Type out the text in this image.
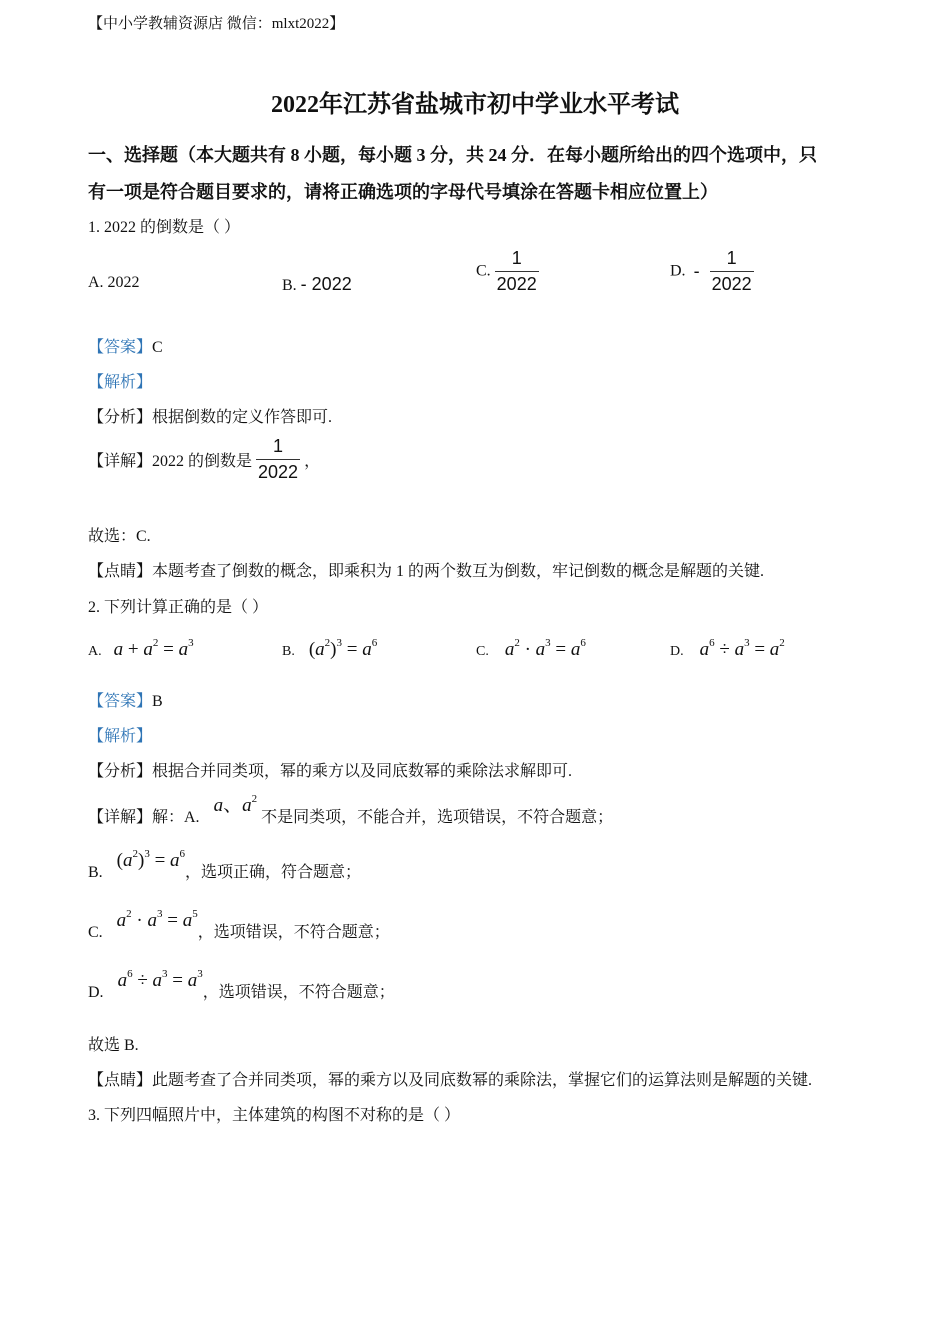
【中小学教辅资源店 微信：mlxt2022】
2022年江苏省盐城市初中学业水平考试
一、选择题（本大题共有 8 小题，每小题 3 分，共 24 分．在每小题所给出的四个选项中，只
有一项是符合题目要求的，请将正确选项的字母代号填涂在答题卡相应位置上）
1. 2022 的倒数是（ ）
A. 2022	B. - 2022
C. $\frac{1}{2022}$	D. - $\frac{1}{2022}$
【答案】C
【解析】
【分析】根据倒数的定义作答即可.
【详解】2022 的倒数是 $\frac{1}{2022}$ ，
故选：C.
【点睛】本题考查了倒数的概念，即乘积为 1 的两个数互为倒数，牢记倒数的概念是解题的关键.
2. 下列计算正确的是（ ）
A. $a + a^2 = a^3$
B. $(a^2)^3 = a^6$
C. $a^2 \cdot a^3 = a^6$
D. $a^6 \div a^3 = a^2$
【答案】B
【解析】
【分析】根据合并同类项，幂的乘方以及同底数幂的乘除法求解即可.
【详解】解：A. a、$a^2$ 不是同类项，不能合并，选项错误，不符合题意；
B. $(a^2)^3 = a^6$，选项正确，符合题意；
C. $a^2 \cdot a^3 = a^5$，选项错误，不符合题意；
D. $a^6 \div a^3 = a^3$，选项错误，不符合题意；
故选 B.
【点睛】此题考查了合并同类项，幂的乘方以及同底数幂的乘除法，掌握它们的运算法则是解题的关键.
3. 下列四幅照片中，主体建筑的构图不对称的是（ ）
